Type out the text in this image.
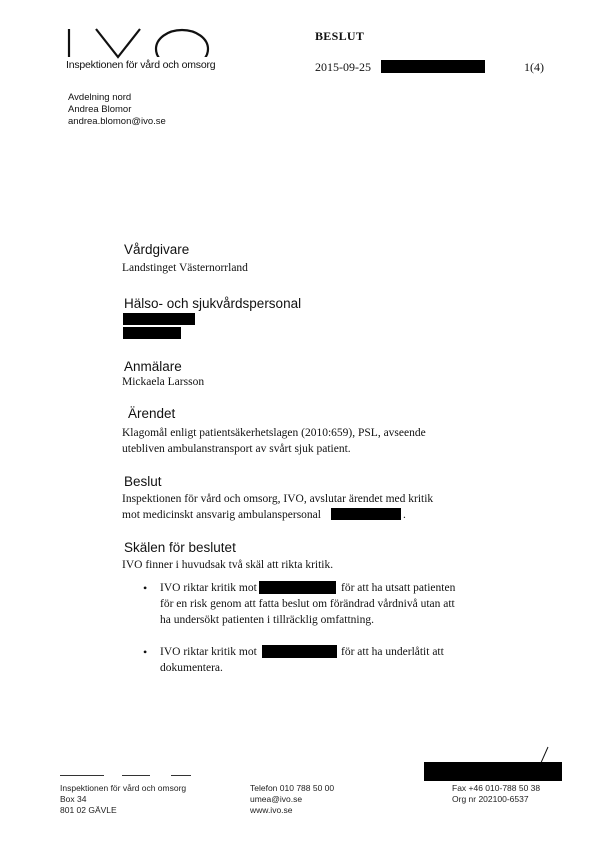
Inspektionen för vård och omsorg
BESLUT
2015-09-25	1(4)
Avdelning nord
Andrea Blomor
andrea.blomon@ivo.se
Vårdgivare
Landstinget Västernorrland
Hälso- och sjukvårdspersonal
Anmälare
Mickaela Larsson
Ärendet
Klagomål enligt patientsäkerhetslagen (2010:659), PSL, avseende
utebliven ambulanstransport av svårt sjuk patient.
Beslut
Inspektionen för vård och omsorg, IVO, avslutar ärendet med kritik
mot medicinskt ansvarig ambulanspersonal	.
Skälen för beslutet
IVO finner i huvudsak två skäl att rikta kritik.
• IVO riktar kritik mot	för att ha utsatt patienten
för en risk genom att fatta beslut om förändrad vårdnivå utan att
ha undersökt patienten i tillräcklig omfattning.
• IVO riktar kritik mot	för att ha underlåtit att
dokumentera.
Inspektionen för vård och omsorg
Box 34
801 02 GÄVLE
Telefon 010 788 50 00
umea@ivo.se
www.ivo.se
Fax +46 010-788 50 38
Org nr 202100-6537
